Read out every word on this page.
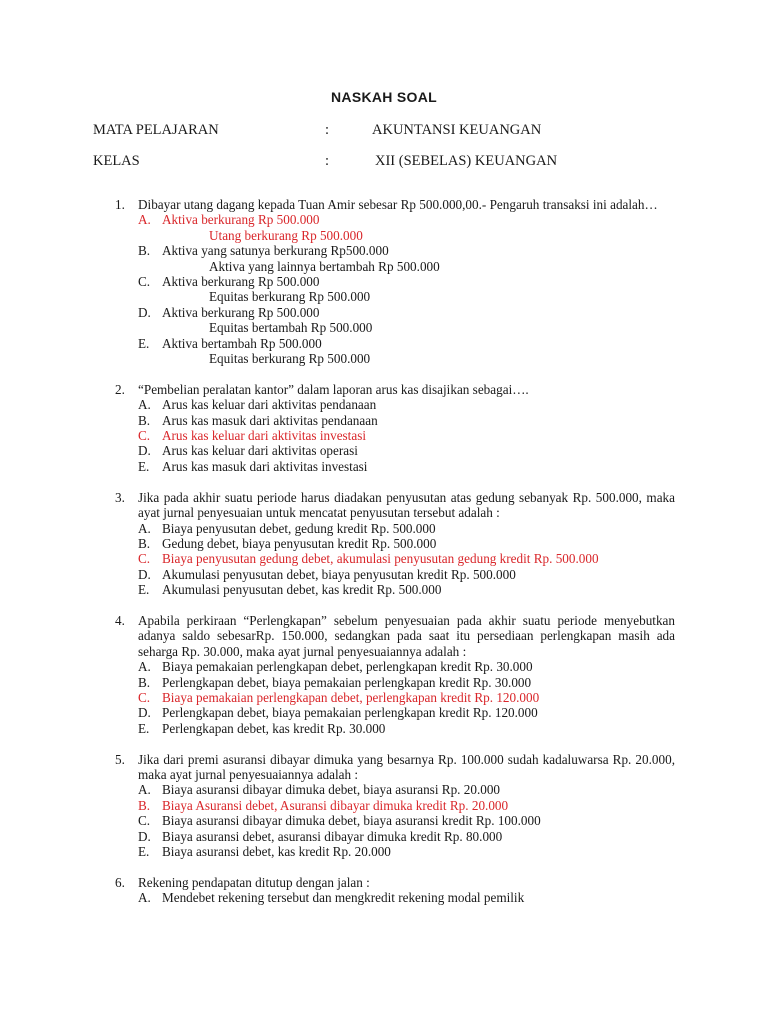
NASKAH SOAL
MATA PELAJARAN	:	AKUNTANSI KEUANGAN
KELAS	:	XII (SEBELAS) KEUANGAN
1. Dibayar utang dagang kepada Tuan Amir sebesar Rp 500.000,00.- Pengaruh transaksi ini adalah…
A. Aktiva berkurang Rp 500.000
Utang berkurang Rp 500.000
B. Aktiva yang satunya berkurang Rp500.000
Aktiva yang lainnya bertambah Rp 500.000
C. Aktiva berkurang Rp 500.000
Equitas berkurang Rp 500.000
D. Aktiva berkurang Rp 500.000
Equitas bertambah Rp 500.000
E. Aktiva bertambah Rp 500.000
Equitas berkurang Rp 500.000
2. “Pembelian peralatan kantor” dalam laporan arus kas disajikan sebagai….
A. Arus kas keluar dari aktivitas pendanaan
B. Arus kas masuk dari aktivitas pendanaan
C. Arus kas keluar dari aktivitas investasi
D. Arus kas keluar dari aktivitas operasi
E. Arus kas masuk dari aktivitas investasi
3. Jika pada akhir suatu periode harus diadakan penyusutan atas gedung sebanyak Rp. 500.000, maka ayat jurnal penyesuaian untuk mencatat penyusutan tersebut adalah :
A. Biaya penyusutan debet, gedung kredit Rp. 500.000
B. Gedung debet, biaya penyusutan kredit Rp. 500.000
C. Biaya penyusutan gedung debet, akumulasi penyusutan gedung kredit Rp. 500.000
D. Akumulasi penyusutan debet, biaya penyusutan kredit Rp. 500.000
E. Akumulasi penyusutan debet, kas kredit Rp. 500.000
4. Apabila perkiraan “Perlengkapan” sebelum penyesuaian pada akhir suatu periode menyebutkan adanya saldo sebesarRp. 150.000, sedangkan pada saat itu persediaan perlengkapan masih ada seharga Rp. 30.000, maka ayat jurnal penyesuaiannya adalah :
A. Biaya pemakaian perlengkapan debet, perlengkapan kredit Rp. 30.000
B. Perlengkapan debet, biaya pemakaian perlengkapan kredit Rp. 30.000
C. Biaya pemakaian perlengkapan debet, perlengkapan kredit Rp. 120.000
D. Perlengkapan debet, biaya pemakaian perlengkapan kredit Rp. 120.000
E. Perlengkapan debet, kas kredit Rp. 30.000
5. Jika dari premi asuransi dibayar dimuka yang besarnya Rp. 100.000 sudah kadaluwarsa Rp. 20.000, maka ayat jurnal penyesuaiannya adalah :
A. Biaya asuransi dibayar dimuka debet, biaya asuransi Rp. 20.000
B. Biaya Asuransi debet, Asuransi dibayar dimuka kredit Rp. 20.000
C. Biaya asuransi dibayar dimuka debet, biaya asuransi kredit Rp. 100.000
D. Biaya asuransi debet, asuransi dibayar dimuka kredit Rp. 80.000
E. Biaya asuransi debet, kas kredit Rp. 20.000
6. Rekening pendapatan ditutup dengan jalan :
A. Mendebet rekening tersebut dan mengkredit rekening modal pemilik
